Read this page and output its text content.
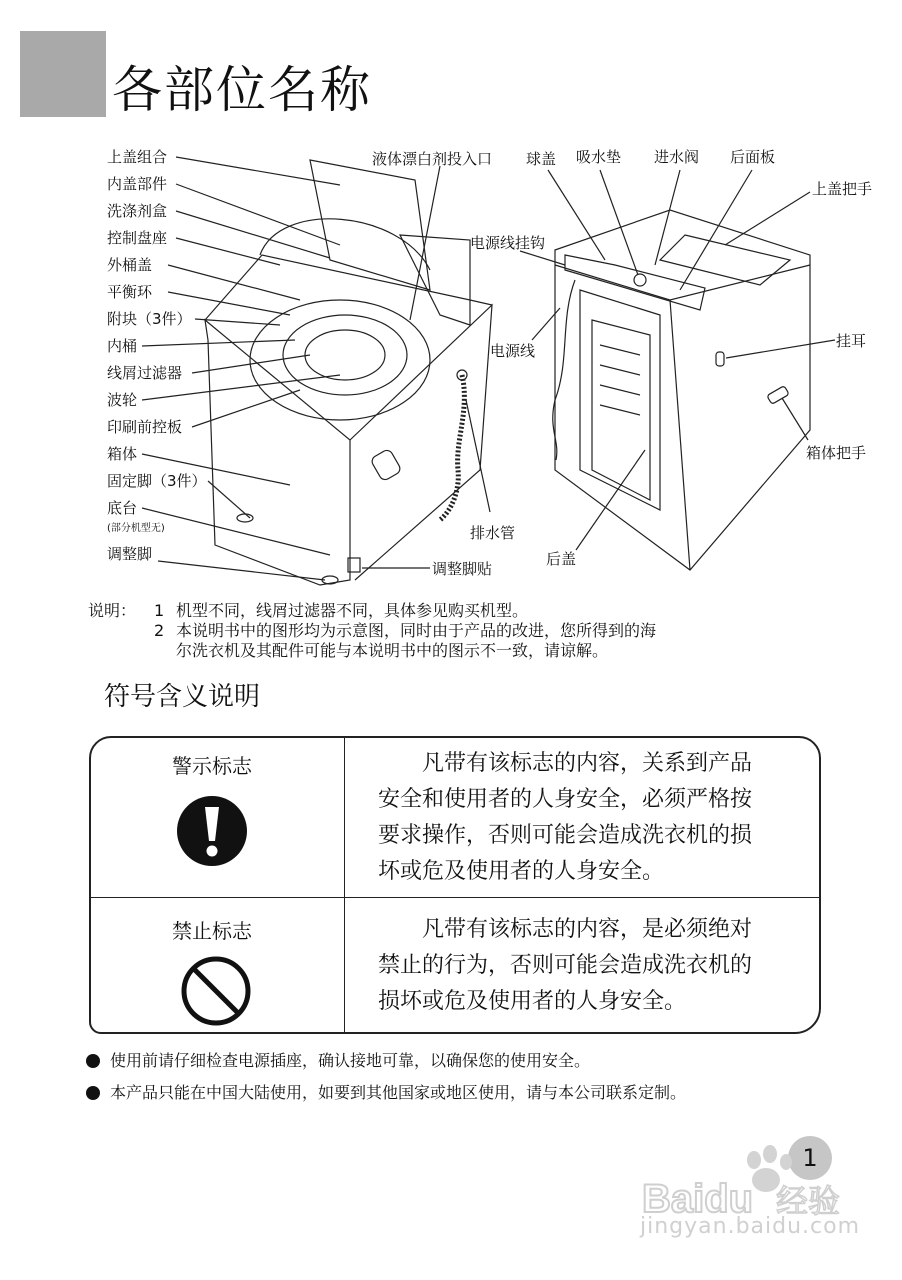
各部位名称
上盖组合
内盖部件
洗涤剂盒
控制盘座
外桶盖
平衡环
附块（3件）
内桶
线屑过滤器
波轮
印刷前控板
箱体
固定脚（3件）
底台
(部分机型无)
调整脚
液体漂白剂投入口
电源线挂钩
电源线
排水管
调整脚贴
球盖 吸水垫 进水阀 后面板
上盖把手
挂耳
箱体把手
后盖
说明： 1 机型不同，线屑过滤器不同，具体参见购买机型。
2 本说明书中的图形均为示意图，同时由于产品的改进，您所得到的海
尔洗衣机及其配件可能与本说明书中的图示不一致，请谅解。
符号含义说明
警示标志	凡带有该标志的内容，关系到产品
安全和使用者的人身安全，必须严格按
要求操作，否则可能会造成洗衣机的损
坏或危及使用者的人身安全。
禁止标志	凡带有该标志的内容，是必须绝对
禁止的行为，否则可能会造成洗衣机的
损坏或危及使用者的人身安全。
使用前请仔细检查电源插座，确认接地可靠，以确保您的使用安全。
本产品只能在中国大陆使用，如要到其他国家或地区使用，请与本公司联系定制。
1
Baidu 经验
jingyan.baidu.com
